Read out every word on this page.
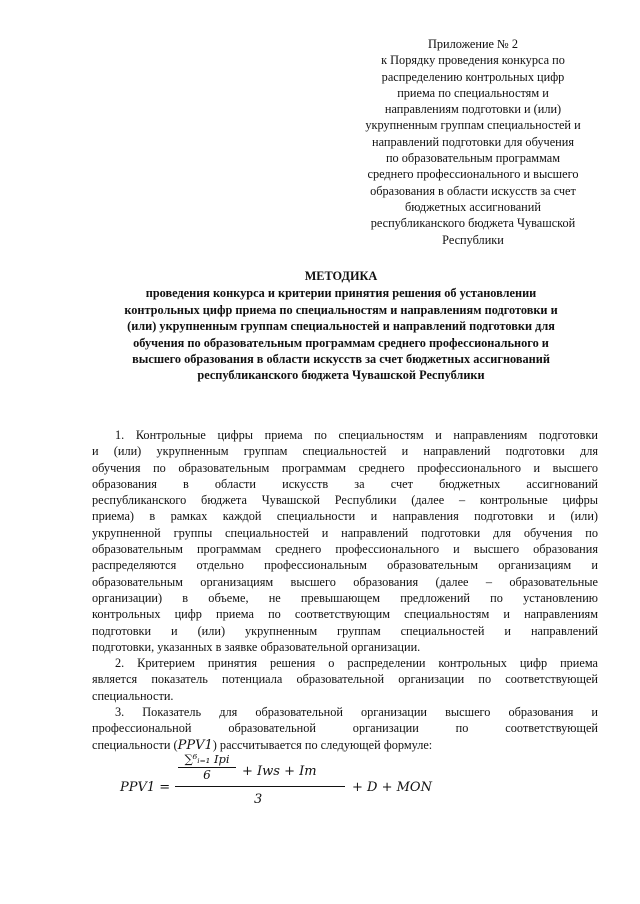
Приложение № 2
к Порядку проведения конкурса по
распределению контрольных цифр
приема по специальностям и
направлениям подготовки и (или)
укрупненным группам специальностей и
направлений подготовки для обучения
по образовательным программам
среднего профессионального и высшего
образования в области искусств за счет
бюджетных ассигнований
республиканского бюджета Чувашской
Республики
МЕТОДИКА
проведения конкурса и критерии принятия решения об установлении
контрольных цифр приема по специальностям и направлениям подготовки и
(или) укрупненным группам специальностей и направлений подготовки для
обучения по образовательным программам среднего профессионального и
высшего образования в области искусств за счет бюджетных ассигнований
республиканского бюджета Чувашской Республики
1. Контрольные цифры приема по специальностям и направлениям подготовки
и (или) укрупненным группам специальностей и направлений подготовки для
обучения по образовательным программам среднего профессионального и высшего
образования в области искусств за счет бюджетных ассигнований
республиканского бюджета Чувашской Республики (далее – контрольные цифры
приема) в рамках каждой специальности и направления подготовки и (или)
укрупненной группы специальностей и направлений подготовки для обучения по
образовательным программам среднего профессионального и высшего образования
распределяются отдельно профессиональным образовательным организациям и
образовательным организациям высшего образования (далее – образовательные
организации) в объеме, не превышающем предложений по установлению
контрольных цифр приема по соответствующим специальностям и направлениям
подготовки и (или) укрупненным группам специальностей и направлений
подготовки, указанных в заявке образовательной организации.
2. Критерием принятия решения о распределении контрольных цифр приема
является показатель потенциала образовательной организации по соответствующей
специальности.
3. Показатель для образовательной организации высшего образования и
профессиональной образовательной организации по соответствующей
специальности (PPV1) рассчитывается по следующей формуле:
PPV1 =
∑⁶ᵢ₌₁ Ipi
6	+ Iws + Iт
3
+ D + MON
